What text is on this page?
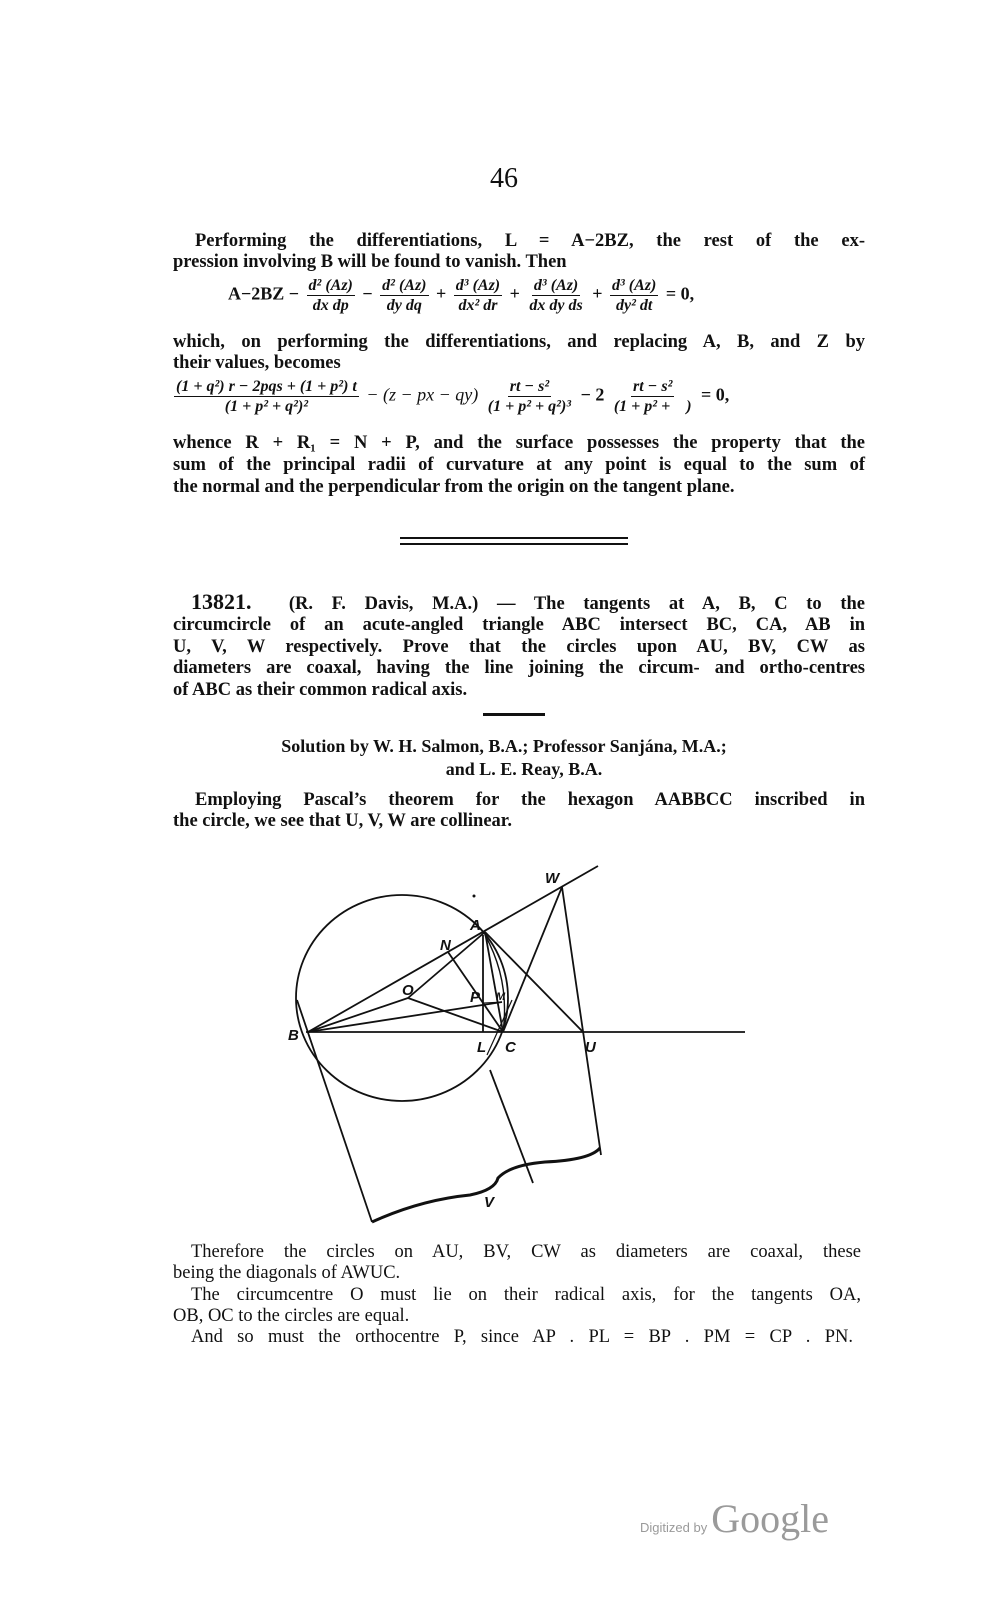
46
Performing the differentiations, L = A−2BZ, the rest of the ex-
pression involving B will be found to vanish. Then
$A-2BZ - \frac{\text{d² (Az)}}{\text{dx dp}} - \frac{\text{d² (Az)}}{\text{dy dq}} + \frac{\text{d³ (Az)}}{\text{dx² dr}} + \frac{\text{d³ (Az)}}{\text{dx dy ds}} + \frac{\text{d³ (Az)}}{\text{dy² dt}} = 0$,
which, on performing the differentiations, and replacing A, B, and Z by
their values, becomes
$\frac{\text{(1 + q²) r − 2pqs + (1 + p²) t}}{\text{(1 + p² + q²)²}} - (z$ − px − $qy) \frac{\text{rt − s²}}{\text{(1 + p² + q²)³}} - 2 \frac{\text{rt − s²}}{\text{(1 + p² +    )}} = 0$,
whence R + R₁ = N + P, and the surface possesses the property that the
sum of the principal radii of curvature at any point is equal to the sum of
the normal and the perpendicular from the origin on the tangent plane.
13821. (R. F. Davis, M.A.) — The tangents at A, B, C to the
circumcircle of an acute-angled triangle ABC intersect BC, CA, AB in
U, V, W respectively. Prove that the circles upon AU, BV, CW as
diameters are coaxal, having the line joining the circum- and ortho-centres
of ABC as their common radical axis.
Solution by W. H. Salmon, B.A.; Professor Sanjána, M.A.;
and L. E. Reay, B.A.
Employing Pascal’s theorem for the hexagon AABBCC inscribed in
the circle, we see that U, V, W are collinear.
A
B
C
L
M
N
O	P
U
V
W
Therefore the circles on AU, BV, CW as diameters are coaxal, these
being the diagonals of AWUC.
The circumcentre O must lie on their radical axis, for the tangents OA,
OB, OC to the circles are equal.
And so must the orthocentre P, since AP . PL = BP . PM = CP . PN.
Digitized by Google
